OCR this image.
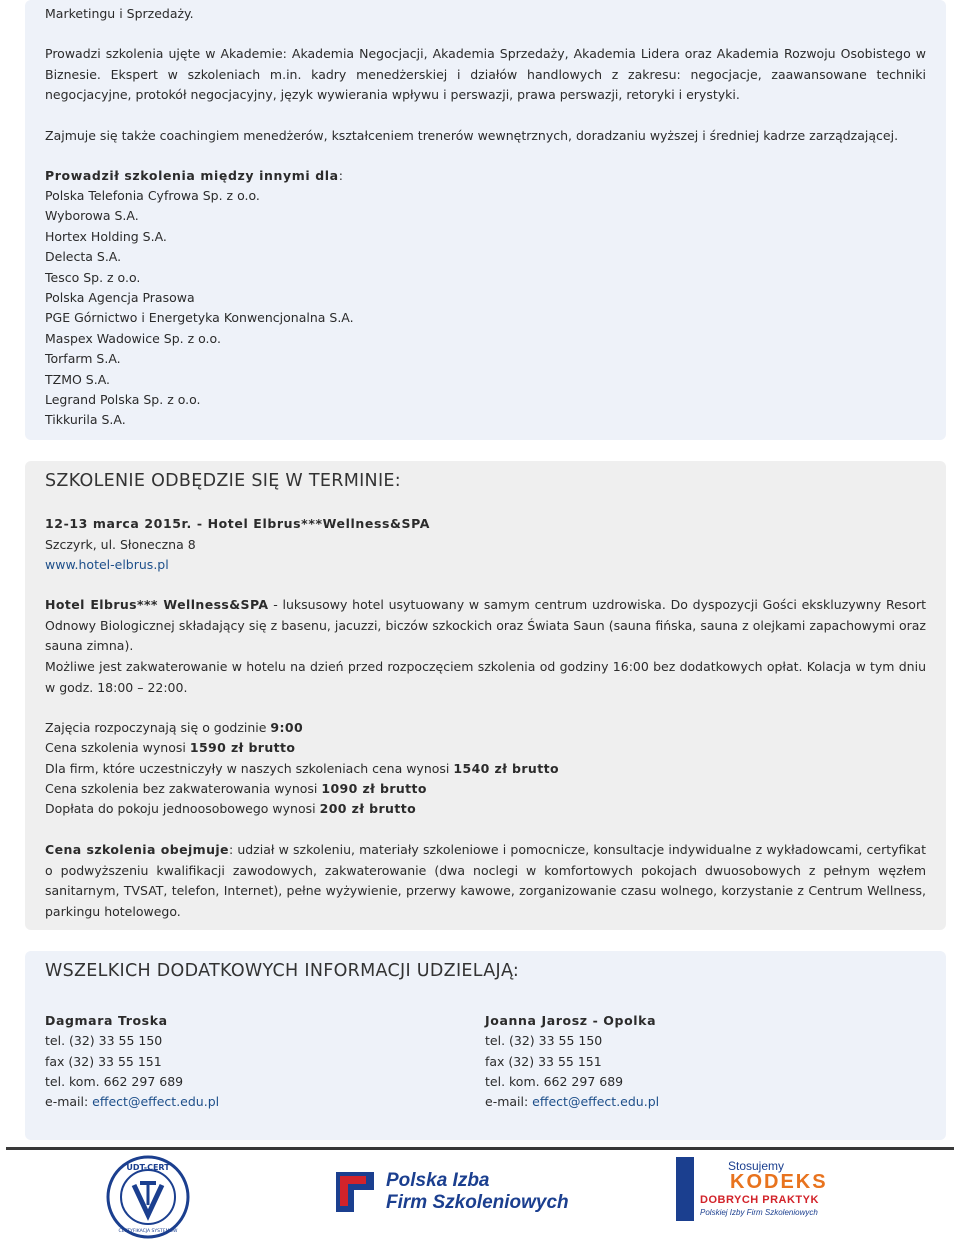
Marketingu i Sprzedaży.
Prowadzi szkolenia ujęte w Akademie: Akademia Negocjacji, Akademia Sprzedaży, Akademia Lidera oraz Akademia Rozwoju Osobistego w Biznesie. Ekspert w szkoleniach m.in. kadry menedżerskiej i działów handlowych z zakresu: negocjacje, zaawansowane techniki negocjacyjne, protokół negocjacyjny, język wywierania wpływu i perswazji, prawa perswazji, retoryki i erystyki.
Zajmuje się także coachingiem menedżerów, kształceniem trenerów wewnętrznych, doradzaniu wyższej i średniej kadrze zarządzającej.
Prowadził szkolenia między innymi dla:
Polska Telefonia Cyfrowa Sp. z o.o.
Wyborowa S.A.
Hortex Holding S.A.
Delecta S.A.
Tesco Sp. z o.o.
Polska Agencja Prasowa
PGE Górnictwo i Energetyka Konwencjonalna S.A.
Maspex Wadowice Sp. z o.o.
Torfarm S.A.
TZMO S.A.
Legrand Polska Sp. z o.o.
Tikkurila S.A.
SZKOLENIE ODBĘDZIE SIĘ W TERMINIE:
12-13 marca 2015r. - Hotel Elbrus***Wellness&SPA
Szczyrk, ul. Słoneczna 8
www.hotel-elbrus.pl
Hotel Elbrus*** Wellness&SPA - luksusowy hotel usytuowany w samym centrum uzdrowiska. Do dyspozycji Gości ekskluzywny Resort Odnowy Biologicznej składający się z basenu, jacuzzi, biczów szkockich oraz Świata Saun (sauna fińska, sauna z olejkami zapachowymi oraz sauna zimna).
Możliwe jest zakwaterowanie w hotelu na dzień przed rozpoczęciem szkolenia od godziny 16:00 bez dodatkowych opłat. Kolacja w tym dniu w godz. 18:00 – 22:00.
Zajęcia rozpoczynają się o godzinie 9:00
Cena szkolenia wynosi 1590 zł brutto
Dla firm, które uczestniczyły w naszych szkoleniach cena wynosi 1540 zł brutto
Cena szkolenia bez zakwaterowania wynosi 1090 zł brutto
Dopłata do pokoju jednoosobowego wynosi 200 zł brutto
Cena szkolenia obejmuje: udział w szkoleniu, materiały szkoleniowe i pomocnicze, konsultacje indywidualne z wykładowcami, certyfikat o podwyższeniu kwalifikacji zawodowych, zakwaterowanie (dwa noclegi w komfortowych pokojach dwuosobowych z pełnym węzłem sanitarnym, TVSAT, telefon, Internet), pełne wyżywienie, przerwy kawowe, zorganizowanie czasu wolnego, korzystanie z Centrum Wellness, parkingu hotelowego.
WSZELKICH DODATKOWYCH INFORMACJI UDZIELAJĄ:
Dagmara Troska
tel. (32) 33 55 150
fax (32) 33 55 151
tel. kom. 662 297 689
e-mail: effect@effect.edu.pl
Joanna Jarosz - Opolka
tel. (32) 33 55 150
fax (32) 33 55 151
tel. kom. 662 297 689
e-mail: effect@effect.edu.pl
UDT-CERT
CERTYFIKACJA SYSTEMÓW
Polska Izba
Firm Szkoleniowych
Stosujemy
KODEKS
DOBRYCH PRAKTYK
Polskiej Izby Firm Szkoleniowych
